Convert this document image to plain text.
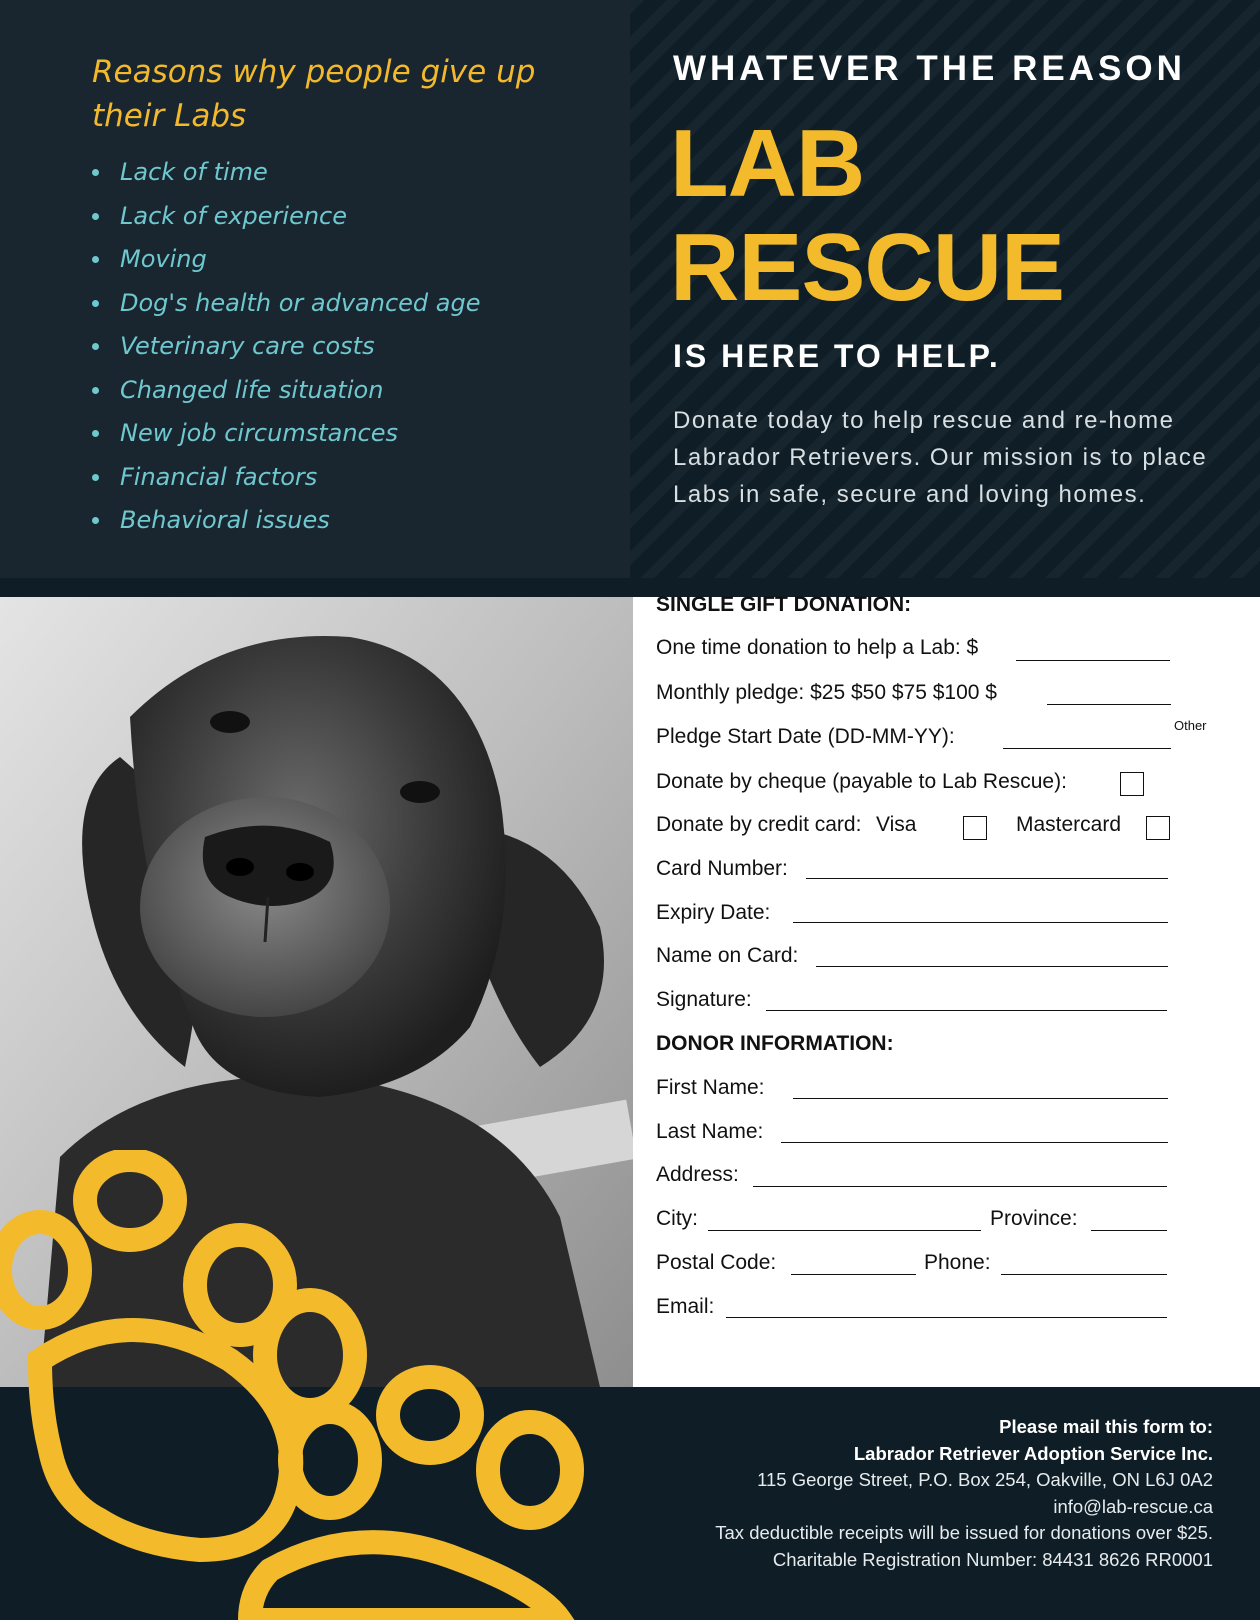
Reasons why people give up their Labs
Lack of time
Lack of experience
Moving
Dog's health or advanced age
Veterinary care costs
Changed life situation
New job circumstances
Financial factors
Behavioral issues
WHATEVER THE REASON
LAB
RESCUE
IS HERE TO HELP.

Donate today to help rescue and re-home Labrador Retrievers. Our mission is to place Labs in safe, secure and loving homes.

SINGLE GIFT DONATION:
One time donation to help a Lab: $
Monthly pledge: $25 $50 $75 $100 $
Other
Pledge Start Date (DD-MM-YY):
Donate by cheque (payable to Lab Rescue):
Donate by credit card: Visa	Mastercard
Card Number:
Expiry Date:
Name on Card:
Signature:
DONOR INFORMATION:
First Name:
Last Name:
Address:
City:	Province:
Postal Code:	Phone:
Email:
Please mail this form to:
Labrador Retriever Adoption Service Inc.
115 George Street, P.O. Box 254, Oakville, ON L6J 0A2
info@lab-rescue.ca
Tax deductible receipts will be issued for donations over $25.
Charitable Registration Number: 84431 8626 RR0001
